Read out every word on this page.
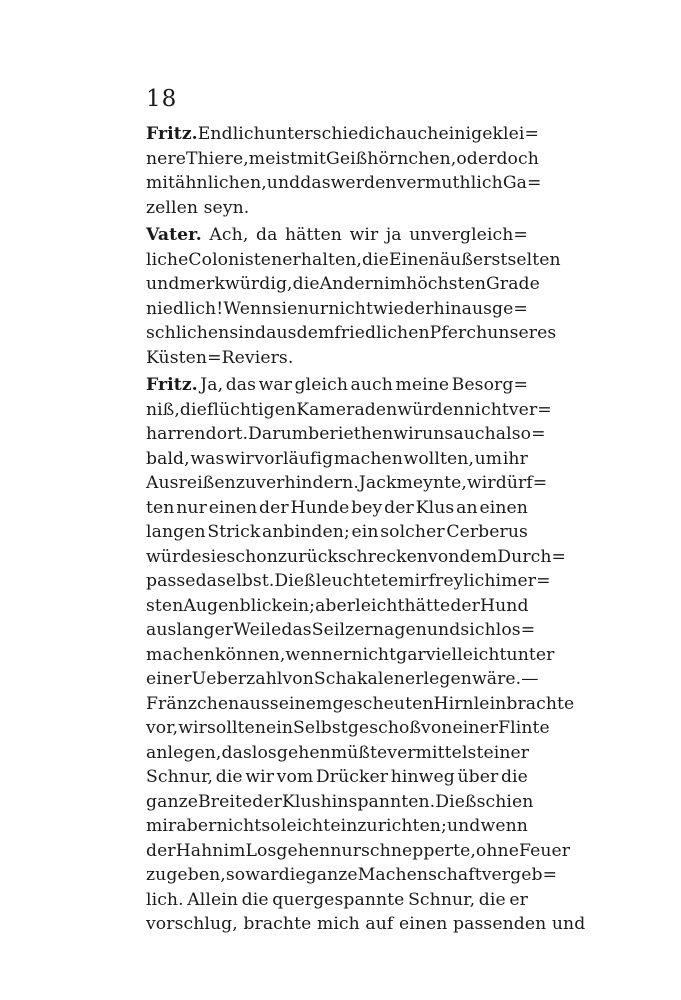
18
Fritz. Endlich unterschied ich auch einige klei=
nere Thiere, meist mit Geißhörnchen, oder doch
mit ähnlichen, und das werden vermuthlich Ga=
zellen
seyn.
Vater. Ach, da hätten wir ja unvergleich=
liche Colonisten erhalten, die Einen äußerst selten
und merkwürdig, die Andern im höchsten Grade
niedlich! Wenn sie nur nicht wieder hinausge=
schlichen sind aus dem friedlichen Pferch unseres
Küsten=Reviers.
Fritz. Ja, das war gleich auch meine Besorg=
niß, die flüchtigen Kameraden würden nicht ver=
harren dort. Darum beriethen wir uns auch also=
bald, was wir vorläufig machen wollten, um ihr
Ausreißen zu verhindern. Jack meynte, wir dürf=
ten nur einen der Hunde bey der Klus an einen
langen Strick anbinden; ein solcher Cerberus
würde sie schon zurückschrecken von dem Durch=
passe daselbst. Dieß leuchtete mir freylich im er=
sten Augenblick ein; aber leicht hätte der Hund
aus langer Weile das Seil zernagen und sich los=
machen können, wenn er nicht gar vielleicht unter
einer Ueberzahl von Schakalen erlegen wäre. —
Fränzchen aus seinem gescheuten Hirnlein brachte
vor, wir sollten ein Selbstgeschoß von einer Flinte
anlegen, das losgehen müßte vermittelst einer
Schnur, die wir vom Drücker hinweg über die
ganze Breite der Klus hinspannten. Dieß schien
mir aber nicht so leicht einzurichten; und wenn
der Hahn im Losgehen nur schnepperte, ohne Feuer
zu geben, so war die ganze Machenschaft vergeb=
lich. Allein die quergespannte Schnur, die er
vorschlug,
brachte
mich
auf
einen
passenden
und
